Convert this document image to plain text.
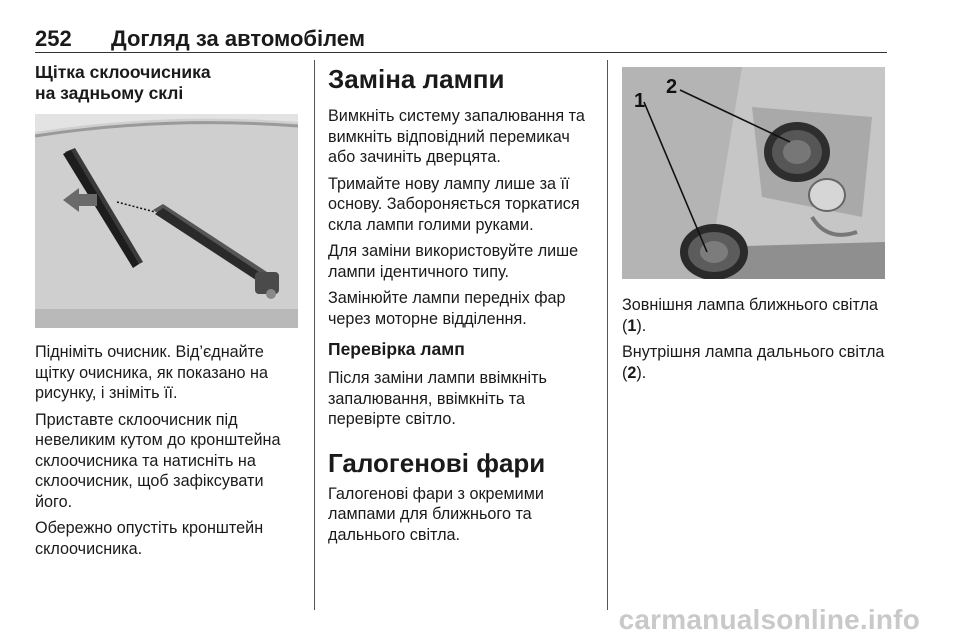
252 Догляд за автомобілем
Щітка склоочисника на задньому склі

Підніміть очисник. Від’єднайте щітку очисника, як показано на рисунку, і зніміть її.

Приставте склоочисник під невеликим кутом до кронштейна склоочисника та натисніть на склоочисник, щоб зафіксувати його.

Обережно опустіть кронштейн склоочисника.

Заміна лампи

Вимкніть систему запалювання та вимкніть відповідний перемикач або зачиніть дверцята.

Тримайте нову лампу лише за її основу. Забороняється торкатися скла лампи голими руками.

Для заміни використовуйте лише лампи ідентичного типу.

Замінюйте лампи передніх фар через моторне відділення.

Перевірка ламп

Після заміни лампи ввімкніть запалювання, ввімкніть та перевірте світло.

Галогенові фари

Галогенові фари з окремими лампами для ближнього та дальнього світла.

1
2

Зовнішня лампа ближнього світла (1).

Внутрішня лампа дальнього світла (2).

carmanualsonline.info
